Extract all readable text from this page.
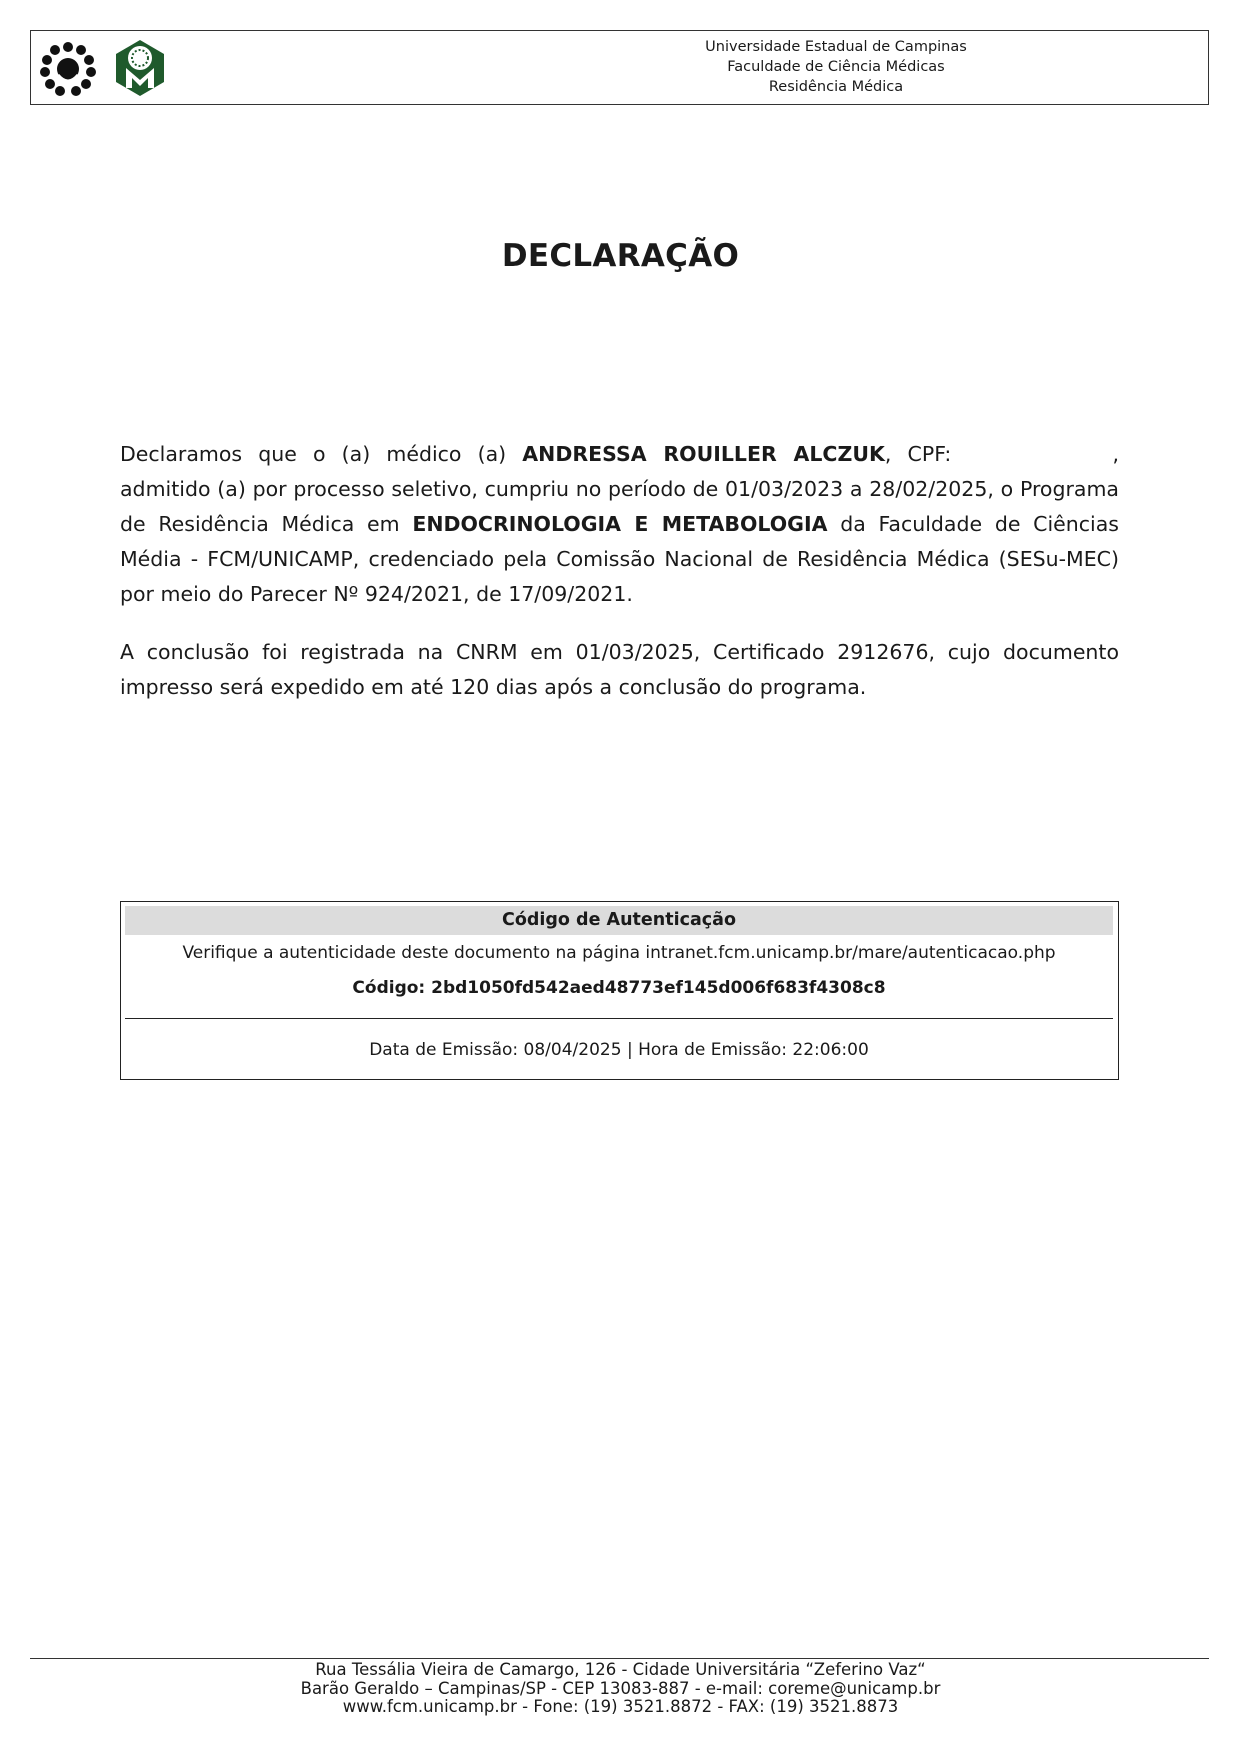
Universidade Estadual de Campinas
Faculdade de Ciência Médicas
Residência Médica
DECLARAÇÃO

Declaramos que o (a) médico (a) ANDRESSA ROUILLER ALCZUK, CPF:	, admitido (a) por processo seletivo, cumpriu no período de 01/03/2023 a 28/02/2025, o Programa de Residência Médica em ENDOCRINOLOGIA E METABOLOGIA da Faculdade de Ciências Média - FCM/UNICAMP, credenciado pela Comissão Nacional de Residência Médica (SESu-MEC) por meio do Parecer Nº 924/2021, de 17/09/2021.

A conclusão foi registrada na CNRM em 01/03/2025, Certificado 2912676, cujo documento impresso será expedido em até 120 dias após a conclusão do programa.

Código de Autenticação
Verifique a autenticidade deste documento na página intranet.fcm.unicamp.br/mare/autenticacao.php
Código: 2bd1050fd542aed48773ef145d006f683f4308c8
Data de Emissão: 08/04/2025 | Hora de Emissão: 22:06:00
Rua Tessália Vieira de Camargo, 126 - Cidade Universitária “Zeferino Vaz“
Barão Geraldo – Campinas/SP - CEP 13083-887 - e-mail: coreme@unicamp.br
www.fcm.unicamp.br - Fone: (19) 3521.8872 - FAX: (19) 3521.8873
